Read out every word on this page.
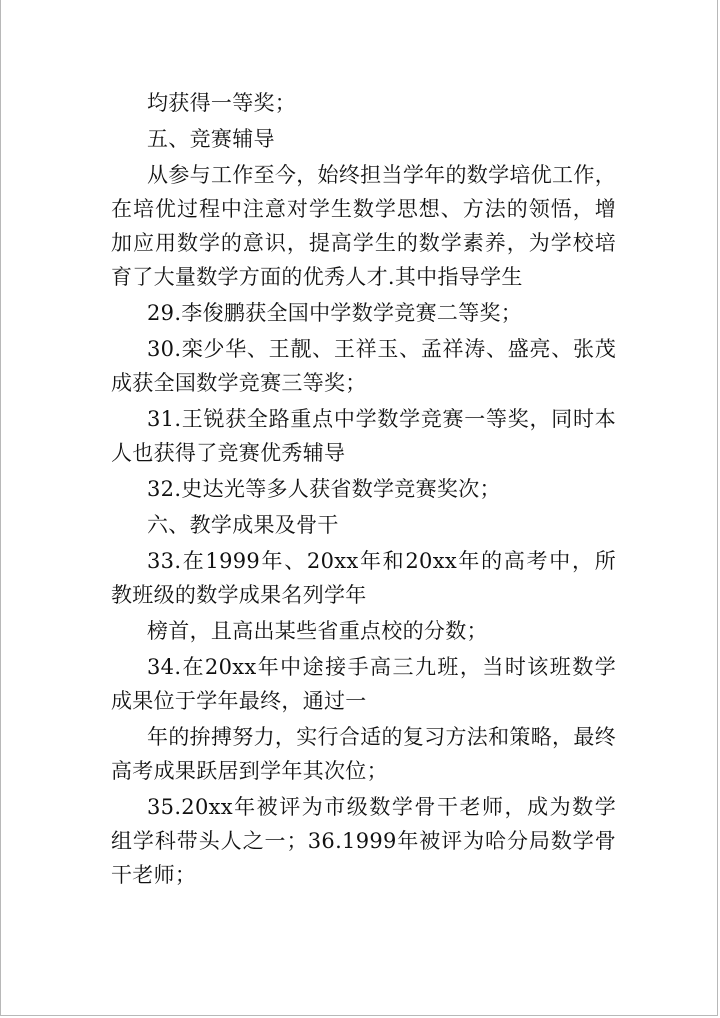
均获得一等奖；

五、竞赛辅导

从参与工作至今，始终担当学年的数学培优工作，在培优过程中注意对学生数学思想、方法的领悟，增加应用数学的意识，提高学生的数学素养，为学校培育了大量数学方面的优秀人才.其中指导学生

29.李俊鹏获全国中学数学竞赛二等奖；

30.栾少华、王靓、王祥玉、孟祥涛、盛亮、张茂成获全国数学竞赛三等奖；

31.王锐获全路重点中学数学竞赛一等奖，同时本人也获得了竞赛优秀辅导

32.史达光等多人获省数学竞赛奖次；

六、教学成果及骨干

33.在1999年、20xx年和20xx年的高考中，所教班级的数学成果名列学年

榜首，且高出某些省重点校的分数；

34.在20xx年中途接手高三九班，当时该班数学成果位于学年最终，通过一

年的拚搏努力，实行合适的复习方法和策略，最终高考成果跃居到学年其次位；

35.20xx年被评为市级数学骨干老师，成为数学组学科带头人之一；36.1999年被评为哈分局数学骨干老师；
